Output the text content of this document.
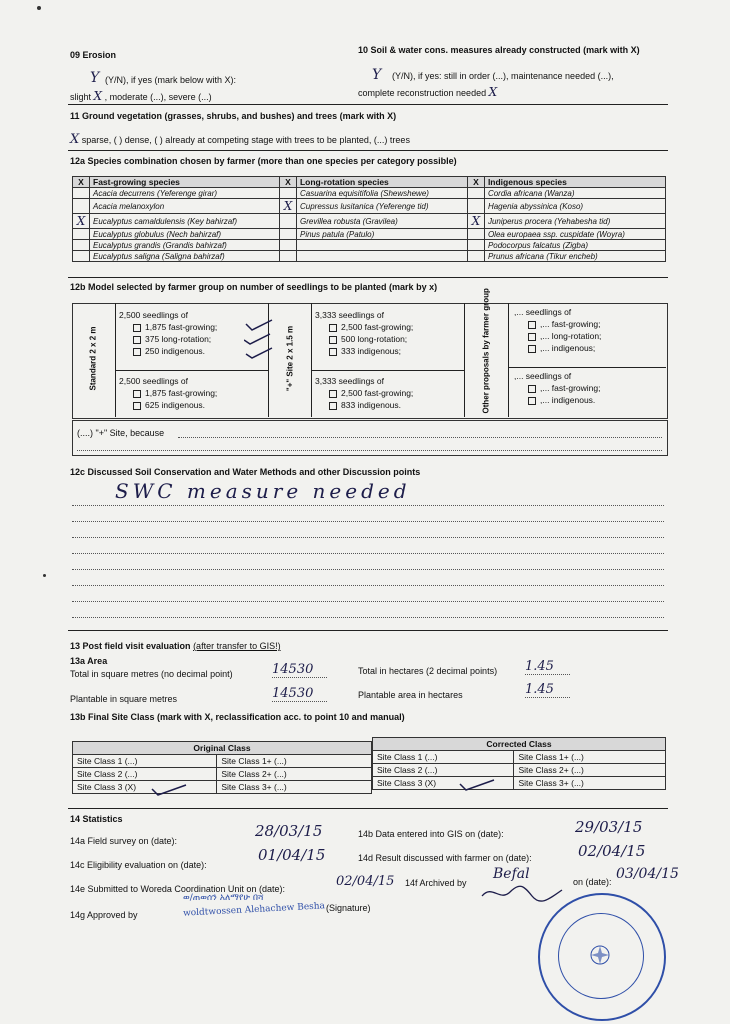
09 Erosion
Y (Y/N), if yes (mark below with X):
slight X , moderate (...), severe (...)
10 Soil & water cons. measures already constructed (mark with X)
Y (Y/N), if yes: still in order (...), maintenance needed (...),
complete reconstruction needed X
11 Ground vegetation (grasses, shrubs, and bushes) and trees (mark with X)
X sparse, ( ) dense, ( ) already at competing stage with trees to be planted, (...) trees
12a Species combination chosen by farmer (more than one species per category possible)
X	Fast-growing species	X	Long-rotation species	X	Indigenous species
	Acacia decurrens (Yeferenge girar)		Casuarina equisitifolia (Shewshewe)		Cordia africana (Wanza)
	Acacia melanoxylon	X	Cupressus lusitanica (Yeferenge tid)		Hagenia abyssinica (Koso)
X	Eucalyptus camaldulensis (Key bahirzaf)		Grevillea robusta (Gravilea)	X	Juniperus procera (Yehabesha tid)
	Eucalyptus globulus (Nech bahirzaf)		Pinus patula (Patulo)		Olea europaea ssp. cuspidate (Woyra)
	Eucalyptus grandis (Grandis bahirzaf)				Podocorpus falcatus (Zigba)
	Eucalyptus saligna (Saligna bahirzaf)				Prunus africana (Tikur encheb)
12b Model selected by farmer group on number of seedlings to be planted (mark by x)
Standard 2 x 2 m	"+" Site 2 x 1.5 m	Other proposals by farmer group
2,500 seedlings of
1,875 fast-growing;
375 long-rotation;
250 indigenous.
2,500 seedlings of
1,875 fast-growing;
625 indigenous.
3,333 seedlings of
2,500 fast-growing;
500 long-rotation;
333 indigenous;
3,333 seedlings of
2,500 fast-growing;
833 indigenous.
,... seedlings of
,... fast-growing;
,... long-rotation;
,... indigenous;
,... seedlings of
,... fast-growing;
,... indigenous.
(....) "+" Site, because
12c Discussed Soil Conservation and Water Methods and other Discussion points
SWC measure needed
13 Post field visit evaluation (after transfer to GIS!)
13a Area
Total in square metres (no decimal point)	14530	Total in hectares (2 decimal points) 1.45
Plantable in square metres	14530	Plantable area in hectares	1.45
13b Final Site Class (mark with X, reclassification acc. to point 10 and manual)
Original Class	
Site Class 1 (...)	Site Class 1+ (...)
Site Class 2 (...)	Site Class 2+ (...)
Site Class 3 (X)	Site Class 3+ (...)
Corrected Class	
Site Class 1 (...)	Site Class 1+ (...)
Site Class 2 (...)	Site Class 2+ (...)
Site Class 3 (X)	Site Class 3+ (...)
14 Statistics
14a Field survey on (date):
28/03/15	14b Data entered into GIS on (date):	29/03/15
14c Eligibility evaluation on (date):
01/04/15	14d Result discussed with farmer on (date):	02/04/15
14e Submitted to Woreda Coordination Unit on (date):	02/04/15 14f Archived by
Befal	on (date): 03/04/15
14g Approved by
ወ/ጠወሰን አለማየሁ በሻ
woldtwossen Alehachew Besha (Signature)
